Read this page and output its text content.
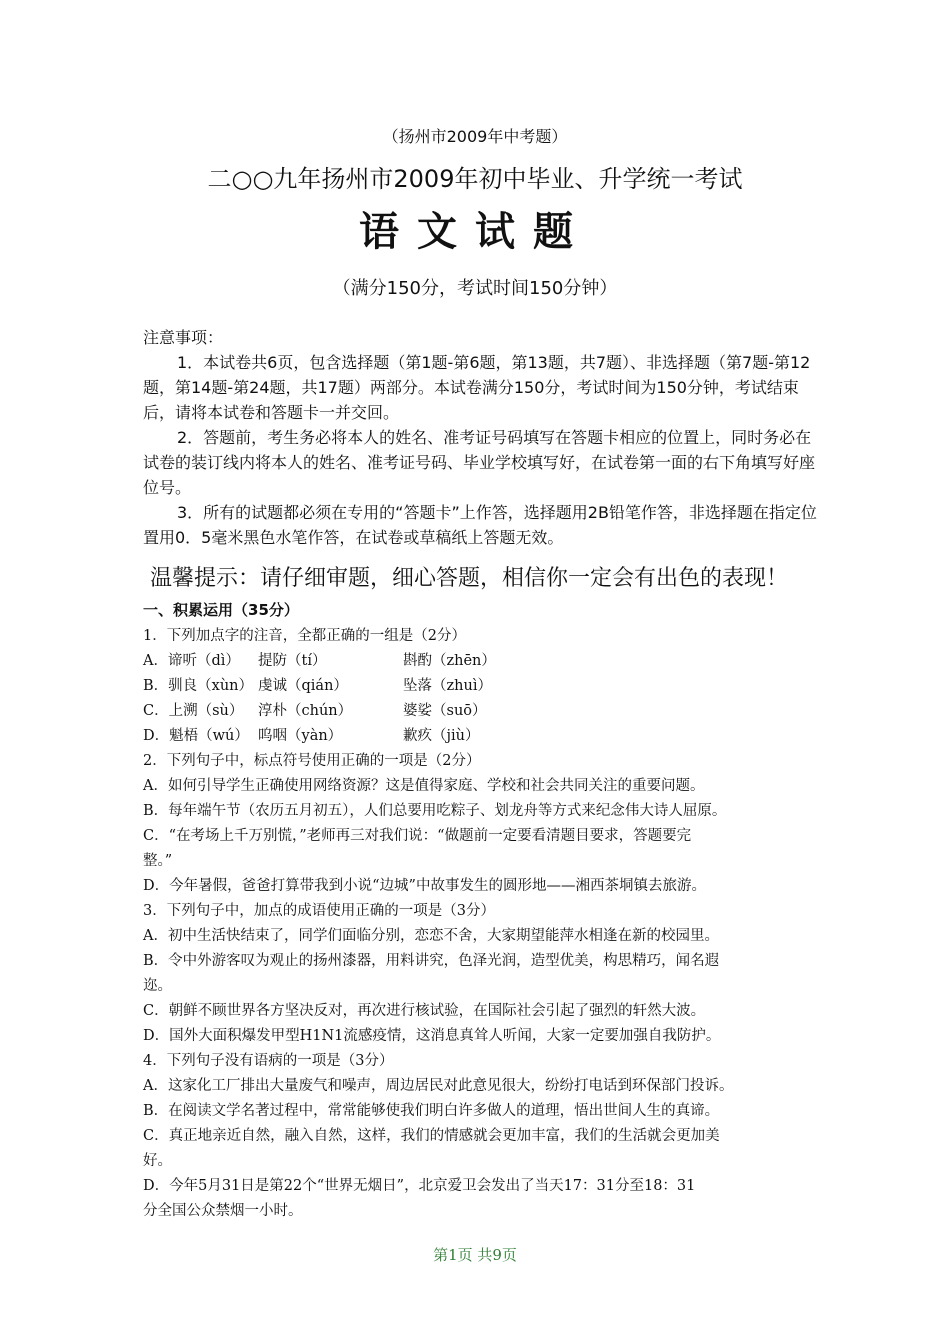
（扬州市2009年中考题）
二○○九年扬州市2009年初中毕业、升学统一考试
语文试题
（满分150分，考试时间150分钟）

注意事项：

1．本试卷共6页，包含选择题（第1题-第6题，第13题，共7题）、非选择题（第7题-第12题，第14题-第24题，共17题）两部分。本试卷满分150分，考试时间为150分钟，考试结束后，请将本试卷和答题卡一并交回。

2．答题前，考生务必将本人的姓名、准考证号码填写在答题卡相应的位置上，同时务必在试卷的装订线内将本人的姓名、准考证号码、毕业学校填写好，在试卷第一面的右下角填写好座位号。

3．所有的试题都必须在专用的“答题卡”上作答，选择题用2B铅笔作答，非选择题在指定位置用0．5毫米黑色水笔作答，在试卷或草稿纸上答题无效。

温馨提示：请仔细审题，细心答题，相信你一定会有出色的表现！
一、积累运用（35分）
1．下列加点字的注音，全都正确的一组是（2分）
A．谛听（dì） 提防（tí）	斟酌（zhēn）
B．驯良（xùn） 虔诚（qián）	坠落（zhuì）
C．上溯（sù） 淳朴（chún）	婆娑（suō）
D．魁梧（wú） 呜咽（yàn）	歉疚（jiù）
2．下列句子中，标点符号使用正确的一项是（2分）
A．如何引导学生正确使用网络资源？这是值得家庭、学校和社会共同关注的重要问题。
B．每年端午节（农历五月初五），人们总要用吃粽子、划龙舟等方式来纪念伟大诗人屈原。
C．“在考场上千万别慌，”老师再三对我们说：“做题前一定要看清题目要求，答题要完
整。”
D．今年暑假，爸爸打算带我到小说“边城”中故事发生的圆形地——湘西茶垌镇去旅游。
3．下列句子中，加点的成语使用正确的一项是（3分）
A．初中生活快结束了，同学们面临分别，恋恋不舍，大家期望能萍水相逢在新的校园里。
B．令中外游客叹为观止的扬州漆器，用料讲究，色泽光润，造型优美，构思精巧，闻名遐
迩。
C．朝鲜不顾世界各方坚决反对，再次进行核试验，在国际社会引起了强烈的轩然大波。
D．国外大面积爆发甲型H1N1流感疫情，这消息真耸人听闻，大家一定要加强自我防护。
4．下列句子没有语病的一项是（3分）
A．这家化工厂排出大量废气和噪声，周边居民对此意见很大，纷纷打电话到环保部门投诉。
B．在阅读文学名著过程中，常常能够使我们明白许多做人的道理，悟出世间人生的真谛。
C．真正地亲近自然，融入自然，这样，我们的情感就会更加丰富，我们的生活就会更加美
好。
D．今年5月31日是第22个“世界无烟日”，北京爱卫会发出了当天17：31分至18：31
分全国公众禁烟一小时。
第1页 共9页
